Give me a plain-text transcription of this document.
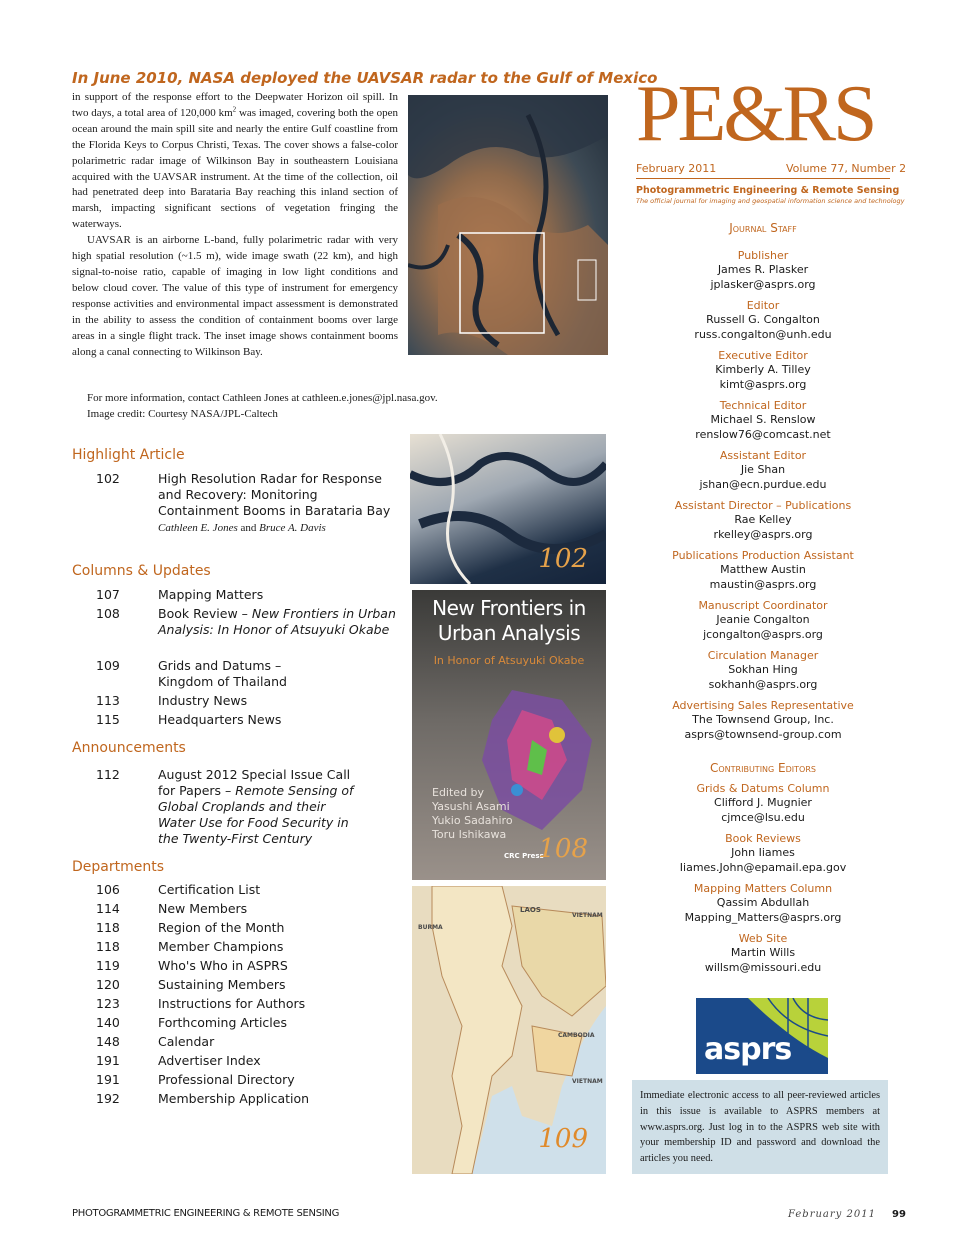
In June 2010, NASA deployed the UAVSAR radar to the Gulf of Mexico

in support of the response effort to the Deepwater Horizon oil spill. In two days, a total area of 120,000 $km^2$ was imaged, covering both the open ocean around the main spill site and nearly the entire Gulf coastline from the Florida Keys to Corpus Christi, Texas. The cover shows a false-color polarimetric radar image of Wilkinson Bay in southeastern Louisiana acquired with the UAVSAR instrument. At the time of the collection, oil had penetrated deep into Barataria Bay reaching this inland section of marsh, impacting significant sections of vegetation fringing the waterways.

UAVSAR is an airborne L-band, fully polarimetric radar with very high spatial resolution (~1.5 m), wide image swath (22 km), and high signal-to-noise ratio, capable of imaging in low light conditions and below cloud cover. The value of this type of instrument for emergency response activities and environmental impact assessment is demonstrated in the ability to assess the condition of containment booms over large areas in a single flight track. The inset image shows containment booms along a canal connecting to Wilkinson Bay.

For more information, contact Cathleen Jones at cathleen.e.jones@jpl.nasa.gov.

Image credit: Courtesy NASA/JPL-Caltech

Highlight Article
102	High Resolution Radar for Response and Recovery: Monitoring Containment Booms in Barataria Bay
Cathleen E. Jones and Bruce A. Davis
Columns & Updates
107	Mapping Matters
108	Book Review – New Frontiers in Urban Analysis: In Honor of Atsuyuki Okabe
109	Grids and Datums – Kingdom of Thailand
113	Industry News
115	Headquarters News
Announcements
112	August 2012 Special Issue Call for Papers – Remote Sensing of Global Croplands and their Water Use for Food Security in the Twenty-First Century
Departments
106	Certification List
114	New Members
118	Region of the Month
118	Member Champions
119	Who's Who in ASPRS
120	Sustaining Members
123	Instructions for Authors
140	Forthcoming Articles
148	Calendar
191	Advertiser Index
191	Professional Directory
192	Membership Application
102
New Frontiers in Urban Analysis
In Honor of Atsuyuki Okabe
Edited by
Yasushi Asami
Yukio Sadahiro
Toru Ishikawa
CRC Press
108
LAOS
VIETNAM
BURMA
CAMBODIA
VIETNAM
109
PE&RS
February 2011	Volume 77, Number 2
Photogrammetric Engineering & Remote Sensing
The official journal for imaging and geospatial information science and technology
Journal Staff
Publisher
James R. Plasker
jplasker@asprs.org
Editor
Russell G. Congalton
russ.congalton@unh.edu
Executive Editor
Kimberly A. Tilley
kimt@asprs.org
Technical Editor
Michael S. Renslow
renslow76@comcast.net
Assistant Editor
Jie Shan
jshan@ecn.purdue.edu
Assistant Director – Publications
Rae Kelley
rkelley@asprs.org
Publications Production Assistant
Matthew Austin
maustin@asprs.org
Manuscript Coordinator
Jeanie Congalton
jcongalton@asprs.org
Circulation Manager
Sokhan Hing
sokhanh@asprs.org
Advertising Sales Representative
The Townsend Group, Inc.
asprs@townsend-group.com
Contributing Editors
Grids & Datums Column
Clifford J. Mugnier
cjmce@lsu.edu
Book Reviews
John Iiames
Iiames.John@epamail.epa.gov
Mapping Matters Column
Qassim Abdullah
Mapping_Matters@asprs.org
Web Site
Martin Wills
willsm@missouri.edu
asprs
Immediate electronic access to all peer-reviewed articles in this issue is available to ASPRS members at www.asprs.org. Just log in to the ASPRS web site with your membership ID and password and download the articles you need.
PHOTOGRAMMETRIC ENGINEERING & REMOTE SENSING	February 2011 99
